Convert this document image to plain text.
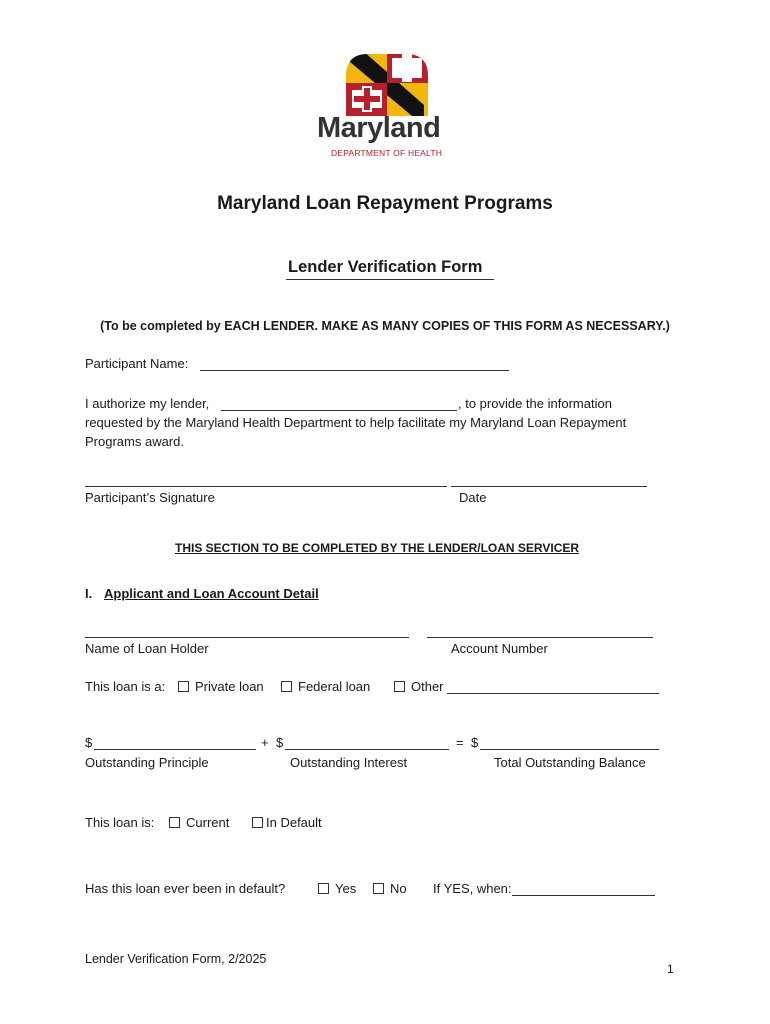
Maryland
DEPARTMENT OF HEALTH
Maryland Loan Repayment Programs
Lender Verification Form
(To be completed by EACH LENDER. MAKE AS MANY COPIES OF THIS FORM AS NECESSARY.)
Participant Name:
I authorize my lender,	, to provide the information
requested by the Maryland Health Department to help facilitate my Maryland Loan Repayment
Programs award.
Participant’s Signature	Date
THIS SECTION TO BE COMPLETED BY THE LENDER/LOAN SERVICER
I. Applicant and Loan Account Detail
Name of Loan Holder	Account Number
This loan is a:	Private loan	Federal loan	Other
$	+ $	= $
Outstanding Principle	Outstanding Interest	Total Outstanding Balance
This loan is:	Current	In Default
Has this loan ever been in default?	Yes	No If YES, when:
Lender Verification Form, 2/2025
1
